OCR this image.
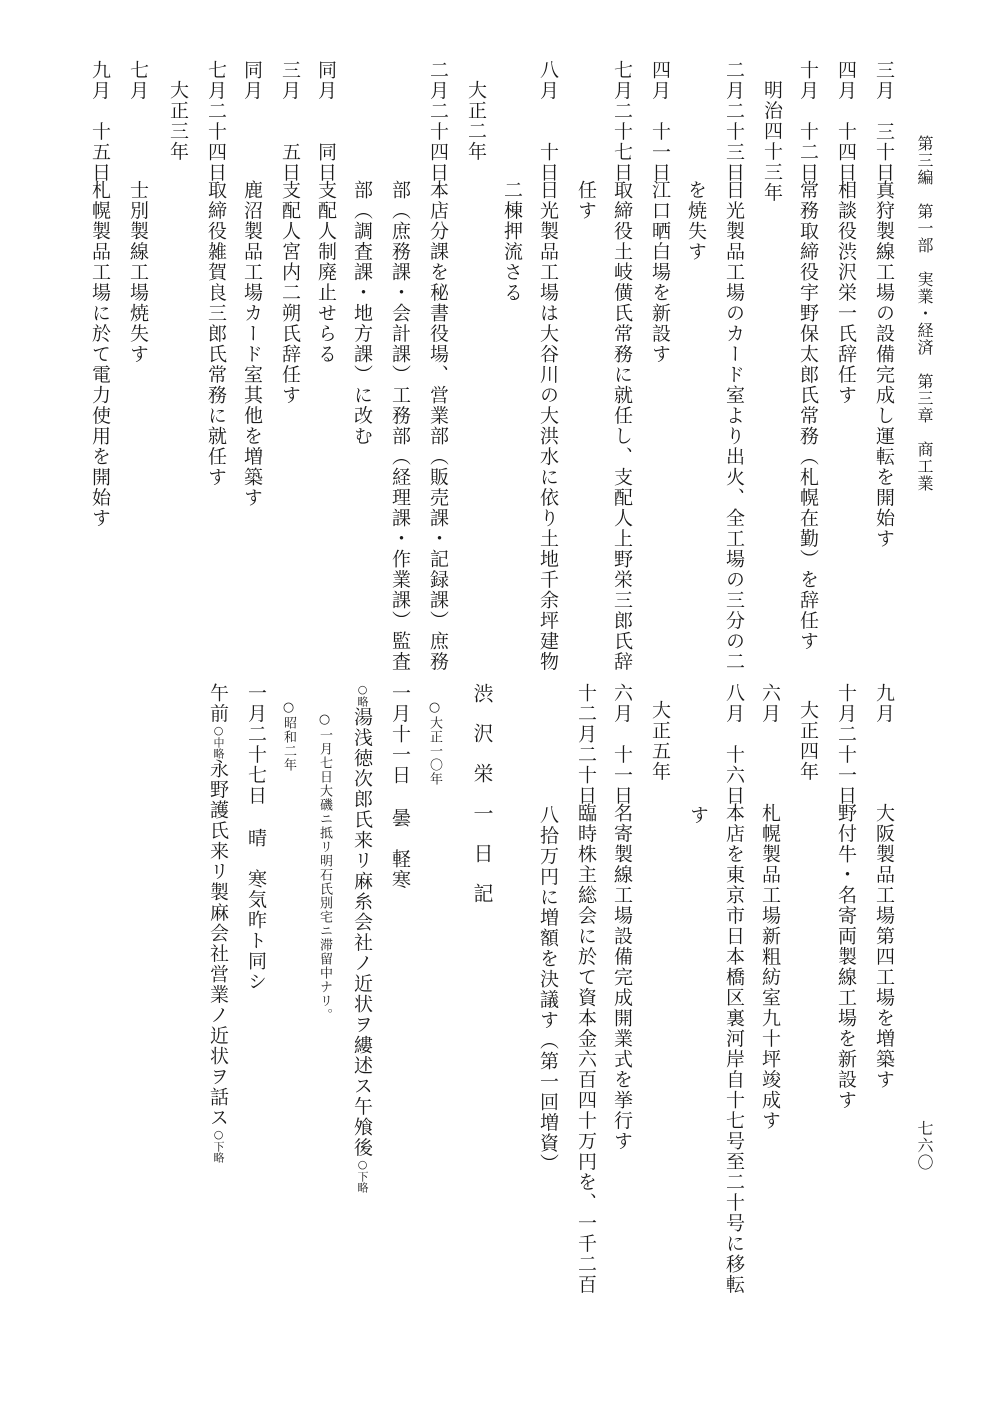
第三編　第一部　実業・経済　第三章　商工業
七六〇
三月　三十日真狩製線工場の設備完成し運転を開始す
四月　十四日相談役渋沢栄一氏辞任す
十月　十二日常務取締役宇野保太郎氏常務（札幌在勤）を辞任す
明治四十三年
二月二十三日日光製品工場のカード室より出火、全工場の三分の二
を焼失す
四月　十一日江口晒白場を新設す
七月二十七日取締役土岐僙氏常務に就任し、支配人上野栄三郎氏辞
任す
八月　　十日日光製品工場は大谷川の大洪水に依り土地千余坪建物
二棟押流さる
大正二年
二月二十四日本店分課を秘書役場、営業部（販売課・記録課）庶務
部（庶務課・会計課）工務部（経理課・作業課）監査
部（調査課・地方課）に改む
同月　　同日支配人制廃止せらる
三月　　五日支配人宮内二朔氏辞任す
同月鹿沼製品工場カード室其他を増築す
七月二十四日取締役雑賀良三郎氏常務に就任す
大正三年
七月士別製線工場焼失す
九月　十五日札幌製品工場に於て電力使用を開始す
九月大阪製品工場第四工場を増築す
十月二十一日野付牛・名寄両製線工場を新設す
大正四年
六月札幌製品工場新粗紡室九十坪竣成す
八月　十六日本店を東京市日本橋区裏河岸自十七号至二十号に移転
す
大正五年
六月　十一日名寄製線工場設備完成開業式を挙行す
十二月二十日臨時株主総会に於て資本金六百四十万円を、一千二百
八拾万円に増額を決議す（第一回増資）
渋沢栄一日記
○大正一〇年
一月十一日曇　軽寒
○略湯浅徳次郎氏来リ麻糸会社ノ近状ヲ縷述ス午飧後○下略
○一月七日大磯ニ抵リ明石氏別宅ニ滞留中ナリ。
○昭和二年
一月二十七日晴　寒気昨ト同シ
午前○中略永野護氏来リ製麻会社営業ノ近状ヲ話ス○下略
